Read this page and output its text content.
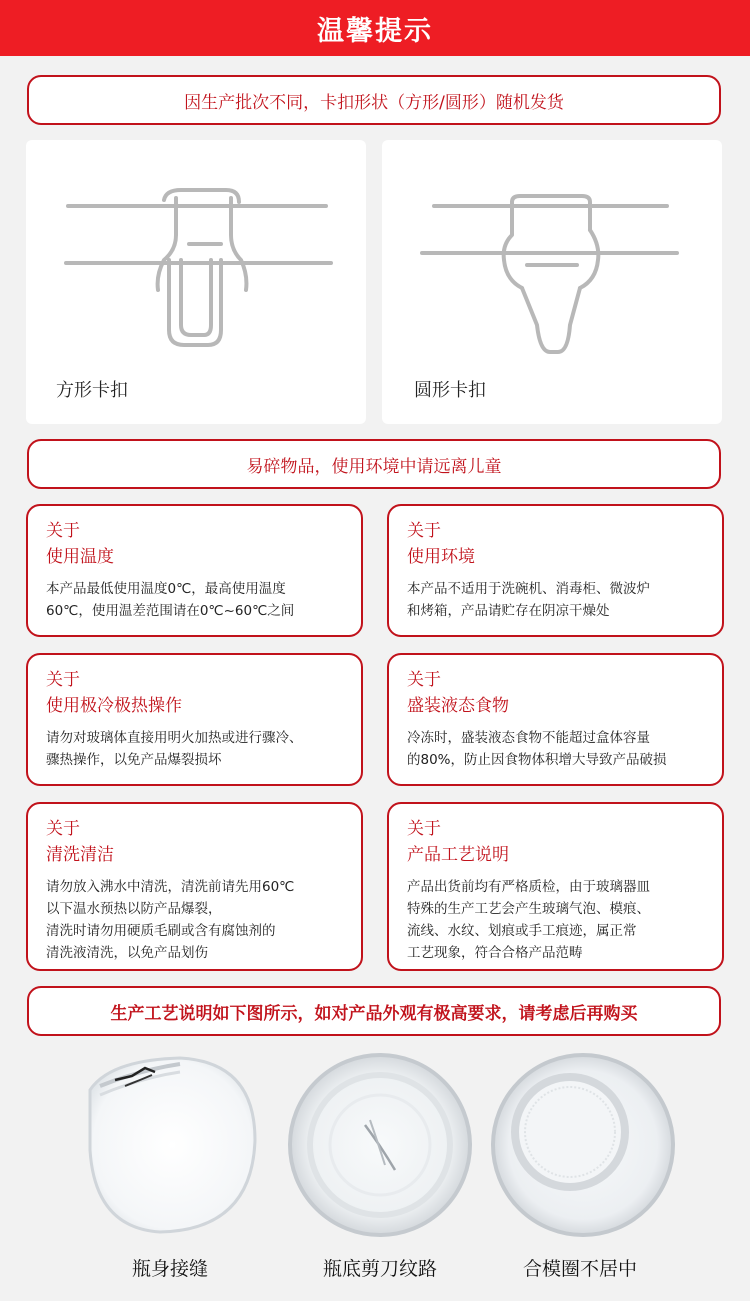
温馨提示
因生产批次不同，卡扣形状（方形/圆形）随机发货
方形卡扣	圆形卡扣
易碎物品，使用环境中请远离儿童
关于
使用温度
本产品最低使用温度0℃，最高使用温度
60℃，使用温差范围请在0℃~60℃之间
关于
使用环境
本产品不适用于洗碗机、消毒柜、微波炉
和烤箱，产品请贮存在阴凉干燥处
关于
使用极冷极热操作
请勿对玻璃体直接用明火加热或进行骤冷、
骤热操作，以免产品爆裂损坏
关于
盛装液态食物
冷冻时，盛装液态食物不能超过盒体容量
的80%，防止因食物体积增大导致产品破损
关于
清洗清洁
请勿放入沸水中清洗，清洗前请先用60℃
以下温水预热以防产品爆裂，
清洗时请勿用硬质毛刷或含有腐蚀剂的
清洗液清洗，以免产品划伤
关于
产品工艺说明
产品出货前均有严格质检，由于玻璃器皿
特殊的生产工艺会产生玻璃气泡、模痕、
流线、水纹、划痕或手工痕迹，属正常
工艺现象，符合合格产品范畴
生产工艺说明如下图所示，如对产品外观有极高要求，请考虑后再购买
瓶身接缝	瓶底剪刀纹路	合模圈不居中
